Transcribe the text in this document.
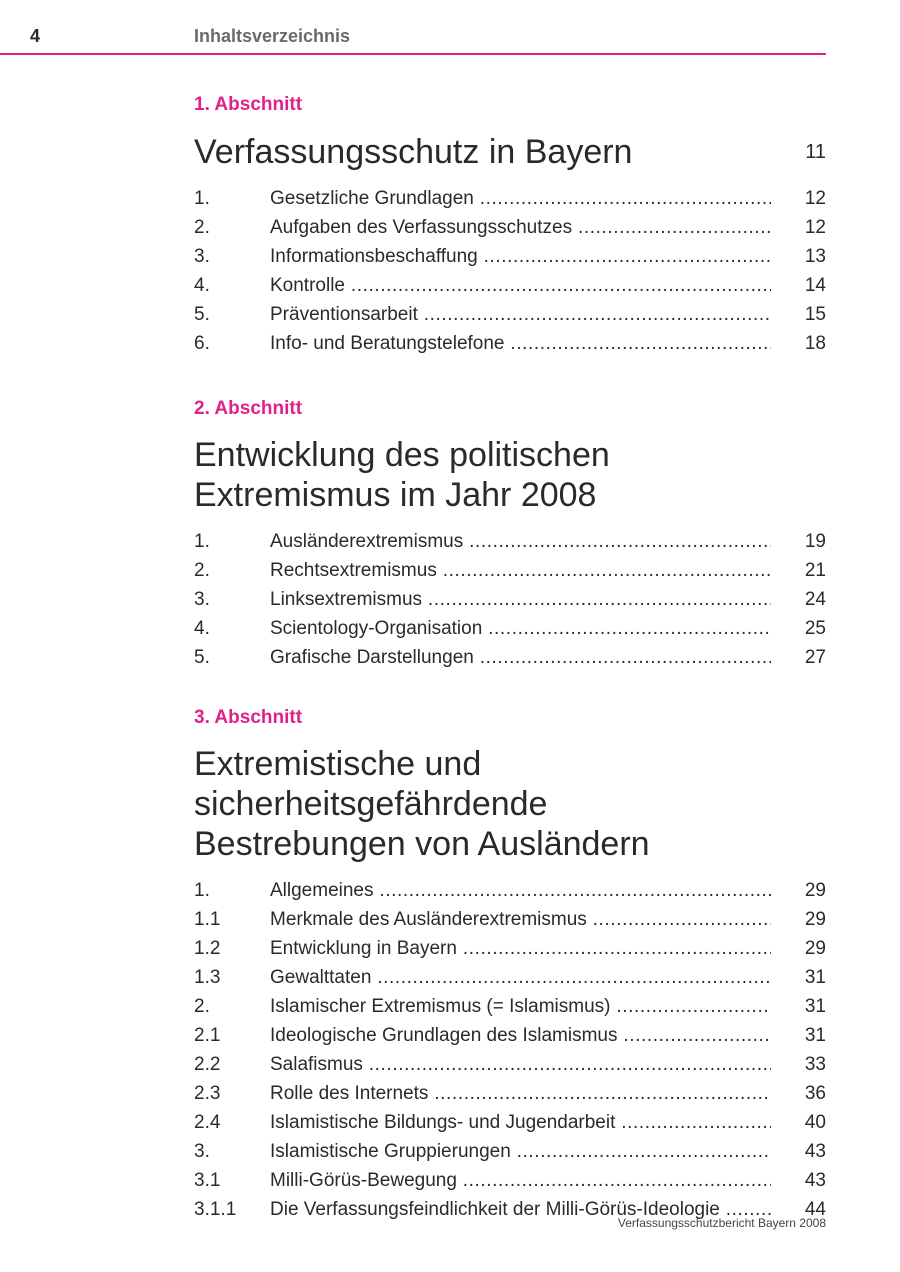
4	Inhaltsverzeichnis
1. Abschnitt
Verfassungsschutz in Bayern	11
1.	Gesetzliche Grundlagen .....	12
2.	Aufgaben des Verfassungsschutzes .....	12
3.	Informationsbeschaffung .....	13
4.	Kontrolle .....	14
5.	Präventionsarbeit .....	15
6.	Info- und Beratungstelefone .....	18
2. Abschnitt
Entwicklung des politischen
Extremismus im Jahr 2008
1.	Ausländerextremismus .....	19
2.	Rechtsextremismus .....	21
3.	Linksextremismus .....	24
4.	Scientology-Organisation .....	25
5.	Grafische Darstellungen .....	27
3. Abschnitt
Extremistische und sicherheitsgefährdende
Bestrebungen von Ausländern
1.	Allgemeines .....	29
1.1	Merkmale des Ausländerextremismus .....	29
1.2	Entwicklung in Bayern .....	29
1.3	Gewalttaten .....	31
2.	Islamischer Extremismus (= Islamismus) .....	31
2.1	Ideologische Grundlagen des Islamismus .....	31
2.2	Salafismus .....	33
2.3	Rolle des Internets .....	36
2.4	Islamistische Bildungs- und Jugendarbeit .....	40
3.	Islamistische Gruppierungen .....	43
3.1	Milli-Görüs-Bewegung .....	43
3.1.1 Die Verfassungsfeindlichkeit der Milli-Görüs-Ideologie .....	44
Verfassungsschutzbericht Bayern 2008
